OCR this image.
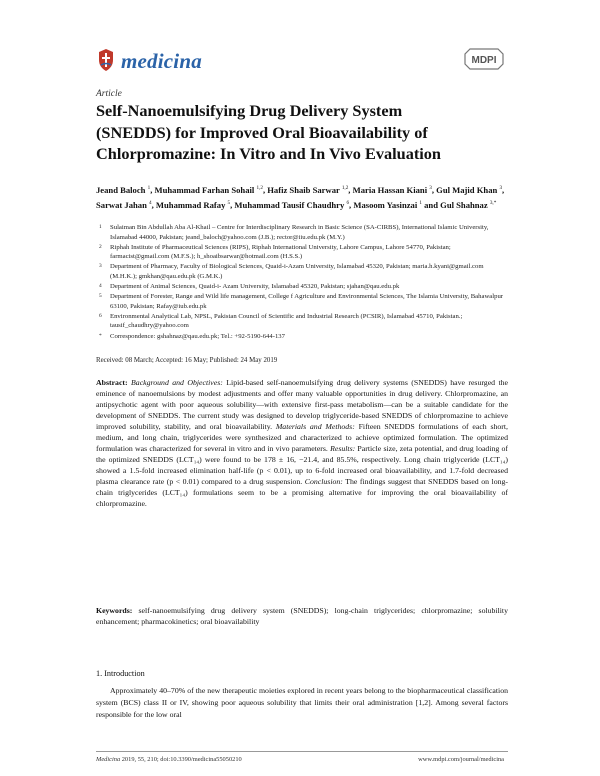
medicina	MDPI
Article
Self-Nanoemulsifying Drug Delivery System
(SNEDDS) for Improved Oral Bioavailability of
Chlorpromazine: In Vitro and In Vivo Evaluation
Jeand Baloch $^1$, Muhammad Farhan Sohail $^{1,2}$, Hafiz Shaib Sarwar $^{1,2}$, Maria Hassan Kiani $^3$, Gul Majid Khan $^3$, Sarwat Jahan $^4$, Muhammad Rafay $^5$, Muhammad Tausif Chaudhry $^6$, Masoom Yasinzai $^1$ and Gul Shahnaz $^{3,*}$
1 Sulaiman Bin Abdullah Aba Al-Khail – Centre for Interdisciplinary Research in Basic Science (SA-CIRBS), International Islamic University, Islamabad 44000, Pakistan; jeand_baloch@yahoo.com (J.B.); rector@iiu.edu.pk (M.Y.)
2 Riphah Institute of Pharmaceutical Sciences (RIPS), Riphah International University, Lahore Campus, Lahore 54770, Pakistan; farmacist@gmail.com (M.F.S.); h_shoaibsarwar@hotmail.com (H.S.S.)
3 Department of Pharmacy, Faculty of Biological Sciences, Quaid-i-Azam University, Islamabad 45320, Pakistan; maria.h.kyani@gmail.com (M.H.K.); gmkhan@qau.edu.pk (G.M.K.)
4 Department of Animal Sciences, Quaid-i- Azam University, Islamabad 45320, Pakistan; sjahan@qau.edu.pk
5 Department of Forester, Range and Wild life management, College f Agriculture and Environmental Sciences, The Islamia University, Bahawalpur 63100, Pakistan; Rafay@iub.edu.pk
6 Environmental Analytical Lab, NPSL, Pakistan Council of Scientific and Industrial Research (PCSIR), Islamabad 45710, Pakistan.; tausif_chaudhry@yahoo.com
* Correspondence: gshahnaz@qau.edu.pk; Tel.: +92-5190-644-137
Received: 08 March; Accepted: 16 May; Published: 24 May 2019
Abstract: Background and Objectives: Lipid-based self-nanoemulsifying drug delivery systems (SNEDDS) have resurged the eminence of nanoemulsions by modest adjustments and offer many valuable opportunities in drug delivery. Chlorpromazine, an antipsychotic agent with poor aqueous solubility—with extensive first-pass metabolism—can be a suitable candidate for the development of SNEDDS. The current study was designed to develop triglyceride-based SNEDDS of chlorpromazine to achieve improved solubility, stability, and oral bioavailability. Materials and Methods: Fifteen SNEDDS formulations of each short, medium, and long chain, triglycerides were synthesized and characterized to achieve optimized formulation. The optimized formulation was characterized for several in vitro and in vivo parameters. Results: Particle size, zeta potential, and drug loading of the optimized SNEDDS (LCT₁₄) were found to be 178 ± 16, −21.4, and 85.5%, respectively. Long chain triglyceride (LCT₁₄) showed a 1.5-fold increased elimination half-life (p < 0.01), up to 6-fold increased oral bioavailability, and 1.7-fold decreased plasma clearance rate (p < 0.01) compared to a drug suspension. Conclusion: The findings suggest that SNEDDS based on long-chain triglycerides (LCT₁₄) formulations seem to be a promising alternative for improving the oral bioavailability of chlorpromazine.
Keywords: self-nanoemulsifying drug delivery system (SNEDDS); long-chain triglycerides; chlorpromazine; solubility enhancement; pharmacokinetics; oral bioavailability
1. Introduction
Approximately 40–70% of the new therapeutic moieties explored in recent years belong to the biopharmaceutical classification system (BCS) class II or IV, showing poor aqueous solubility that limits their oral administration [1,2]. Among several factors responsible for the low oral
Medicina 2019, 55, 210; doi:10.3390/medicina55050210	www.mdpi.com/journal/medicina
